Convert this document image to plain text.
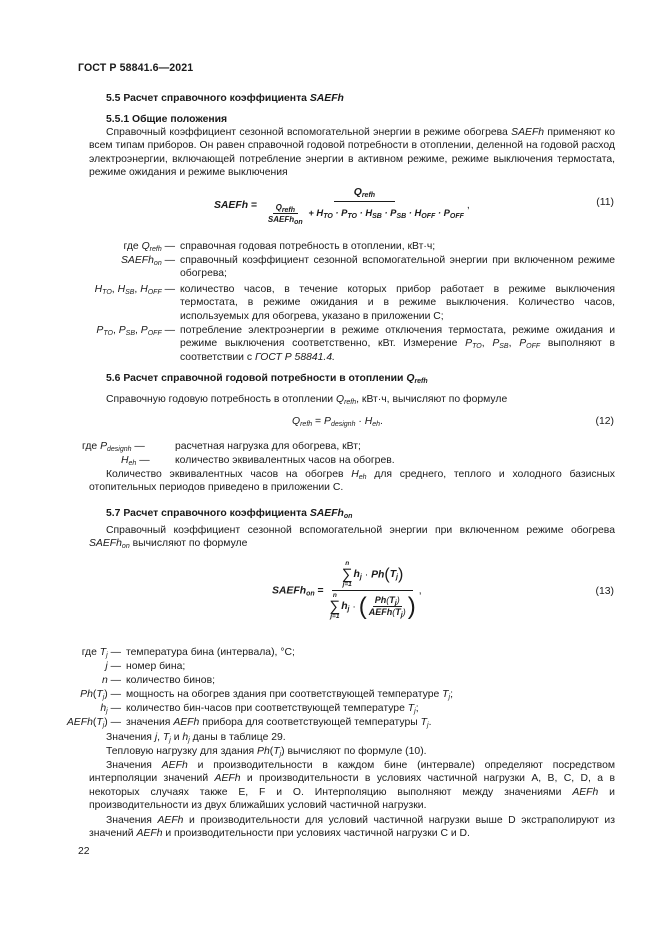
ГОСТ Р 58841.6—2021
5.5 Расчет справочного коэффициента SAEFh
5.5.1 Общие положения
Справочный коэффициент сезонной вспомогательной энергии в режиме обогрева SAEFh применяют ко всем типам приборов. Он равен справочной годовой потребности в отоплении, деленной на годовой расход электроэнергии, включающей потребление энергии в активном режиме, режиме выключения термостата, режиме ожидания и режиме выключения
SAEFh = $\frac{Q_{refh}}{\frac{Q_{refh}}{SAEFh_{on}} + H_{TO} \cdot P_{TO} \cdot H_{SB} \cdot P_{SB} \cdot H_{OFF} \cdot P_{OFF}}$ ,	(11)
где $Q_{refh}$ — справочная годовая потребность в отоплении, кВт·ч;
SAEFh$_{on}$ — справочный коэффициент сезонной вспомогательной энергии при включенном режиме обогрева;
$H_{TO}$, $H_{SB}$, $H_{OFF}$ — количество часов, в течение которых прибор работает в режиме выключения термостата, в режиме ожидания и в режиме выключения. Количество часов, используемых для обогрева, указано в приложении С;
$P_{TO}$, $P_{SB}$, $P_{OFF}$ — потребление электроэнергии в режиме отключения термостата, режиме ожидания и режиме выключения соответственно, кВт. Измерение $P_{TO}$, $P_{SB}$, $P_{OFF}$ выполняют в соответствии с ГОСТ Р 58841.4.
5.6 Расчет справочной годовой потребности в отоплении $Q_{refh}$
Справочную годовую потребность в отоплении $Q_{refh}$, кВт·ч, вычисляют по формуле
$Q_{refh} = P_{designh} \cdot H_{eh}$.	(12)
где $P_{designh}$ —	расчетная нагрузка для обогрева, кВт;
$H_{eh}$ — количество эквивалентных часов на обогрев.
Количество эквивалентных часов на обогрев $H_{eh}$ для среднего, теплого и холодного базисных отопительных периодов приведено в приложении С.
5.7 Расчет справочного коэффициента SAEFh$_{on}$
Справочный коэффициент сезонной вспомогательной энергии при включенном режиме обогрева SAEFh$_{on}$ вычисляют по формуле
SAEFh$_{on}$ = n
∑
j=1
$h_j \cdot Ph(T_j)$
n
∑
j=1
$h_j$ · ( $\frac{Ph(T_j)}{AEFh(T_j)}$ ) ,	(13)
где $T_j$ — температура бина (интервала), °C;
j — номер бина;
n — количество бинов;
$Ph(T_j)$ — мощность на обогрев здания при соответствующей температуре $T_j$;
$h_j$ — количество бин-часов при соответствующей температуре $T_j$;
$AEFh(T_j)$ — значения AEFh прибора для соответствующей температуры $T_j$.
Значения j, $T_j$ и $h_j$ даны в таблице 29.
Тепловую нагрузку для здания $Ph(T_j)$ вычисляют по формуле (10).
Значения AEFh и производительности в каждом бине (интервале) определяют посредством интерполяции значений AEFh и производительности в условиях частичной нагрузки А, В, С, D, а в некоторых случаях также E, F и O. Интерполяцию выполняют между значениями AEFh и производительности из двух ближайших условий частичной нагрузки.
Значения AEFh и производительности для условий частичной нагрузки выше D экстраполируют из значений AEFh и производительности при условиях частичной нагрузки С и D.
22
